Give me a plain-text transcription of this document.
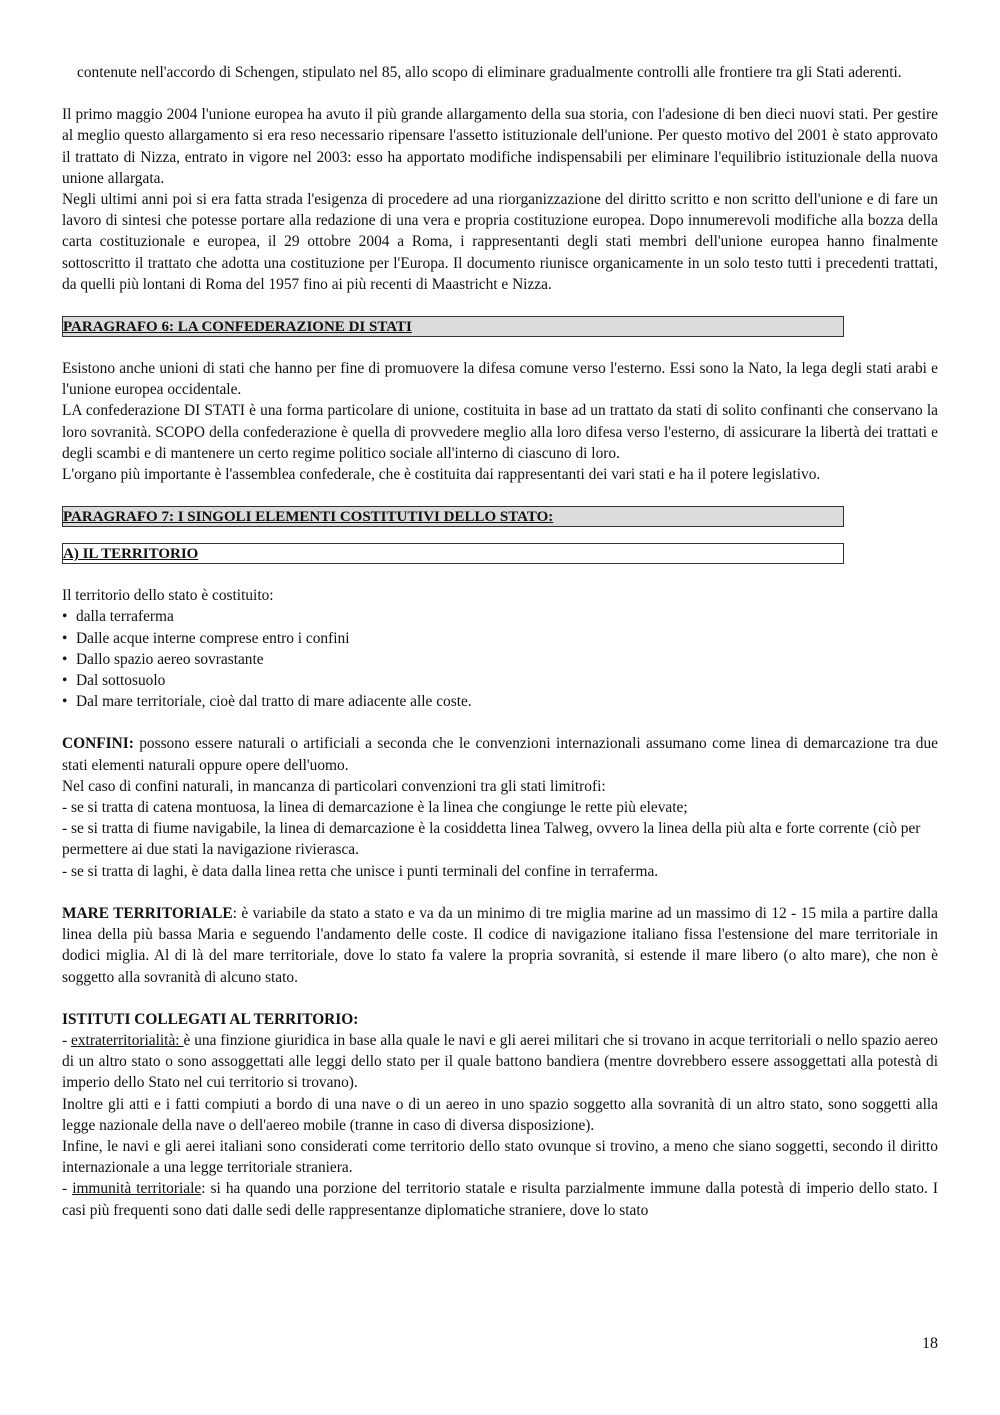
contenute nell'accordo di Schengen, stipulato nel 85, allo scopo di eliminare gradualmente controlli alle frontiere tra gli Stati aderenti.

Il primo maggio 2004 l'unione europea ha avuto il più grande allargamento della sua storia, con l'adesione di ben dieci nuovi stati. Per gestire al meglio questo allargamento si era reso necessario ripensare l'assetto istituzionale dell'unione. Per questo motivo del 2001 è stato approvato il trattato di Nizza, entrato in vigore nel 2003: esso ha apportato modifiche indispensabili per eliminare l'equilibrio istituzionale della nuova unione allargata.

Negli ultimi anni poi si era fatta strada l'esigenza di procedere ad una riorganizzazione del diritto scritto e non scritto dell'unione e di fare un lavoro di sintesi che potesse portare alla redazione di una vera e propria costituzione europea. Dopo innumerevoli modifiche alla bozza della carta costituzionale e europea, il 29 ottobre 2004 a Roma, i rappresentanti degli stati membri dell'unione europea hanno finalmente sottoscritto il trattato che adotta una costituzione per l'Europa. Il documento riunisce organicamente in un solo testo tutti i precedenti trattati, da quelli più lontani di Roma del 1957 fino ai più recenti di Maastricht e Nizza.

PARAGRAFO 6: LA CONFEDERAZIONE DI STATI

Esistono anche unioni di stati che hanno per fine di promuovere la difesa comune verso l'esterno. Essi sono la Nato, la lega degli stati arabi e l'unione europea occidentale.

LA confederazione DI STATI è una forma particolare di unione, costituita in base ad un trattato da stati di solito confinanti che conservano la loro sovranità. SCOPO della confederazione è quella di provvedere meglio alla loro difesa verso l'esterno, di assicurare la libertà dei trattati e degli scambi e di mantenere un certo regime politico sociale all'interno di ciascuno di loro.

L'organo più importante è l'assemblea confederale, che è costituita dai rappresentanti dei vari stati e ha il potere legislativo.

PARAGRAFO 7: I SINGOLI ELEMENTI COSTITUTIVI DELLO STATO:
A) IL TERRITORIO

Il territorio dello stato è costituito:

• dalla terraferma
• Dalle acque interne comprese entro i confini
• Dallo spazio aereo sovrastante
• Dal sottosuolo
• Dal mare territoriale, cioè dal tratto di mare adiacente alle coste.

CONFINI: possono essere naturali o artificiali a seconda che le convenzioni internazionali assumano come linea di demarcazione tra due stati elementi naturali oppure opere dell'uomo.

Nel caso di confini naturali, in mancanza di particolari convenzioni tra gli stati limitrofi:

- se si tratta di catena montuosa, la linea di demarcazione è la linea che congiunge le rette più elevate;

- se si tratta di fiume navigabile, la linea di demarcazione è la cosiddetta linea Talweg, ovvero la linea della più alta e forte corrente (ciò per permettere ai due stati la navigazione rivierasca.

- se si tratta di laghi, è data dalla linea retta che unisce i punti terminali del confine in terraferma.

MARE TERRITORIALE: è variabile da stato a stato e va da un minimo di tre miglia marine ad un massimo di 12 - 15 mila a partire dalla linea della più bassa Maria e seguendo l'andamento delle coste. Il codice di navigazione italiano fissa l'estensione del mare territoriale in dodici miglia. Al di là del mare territoriale, dove lo stato fa valere la propria sovranità, si estende il mare libero (o alto mare), che non è soggetto alla sovranità di alcuno stato.

ISTITUTI COLLEGATI AL TERRITORIO:

- extraterritorialità: è una finzione giuridica in base alla quale le navi e gli aerei militari che si trovano in acque territoriali o nello spazio aereo di un altro stato o sono assoggettati alle leggi dello stato per il quale battono bandiera (mentre dovrebbero essere assoggettati alla potestà di imperio dello Stato nel cui territorio si trovano).

Inoltre gli atti e i fatti compiuti a bordo di una nave o di un aereo in uno spazio soggetto alla sovranità di un altro stato, sono soggetti alla legge nazionale della nave o dell'aereo mobile (tranne in caso di diversa disposizione).

Infine, le navi e gli aerei italiani sono considerati come territorio dello stato ovunque si trovino, a meno che siano soggetti, secondo il diritto internazionale a una legge territoriale straniera.

- immunità territoriale: si ha quando una porzione del territorio statale e risulta parzialmente immune dalla potestà di imperio dello stato. I casi più frequenti sono dati dalle sedi delle rappresentanze diplomatiche straniere, dove lo stato

18
